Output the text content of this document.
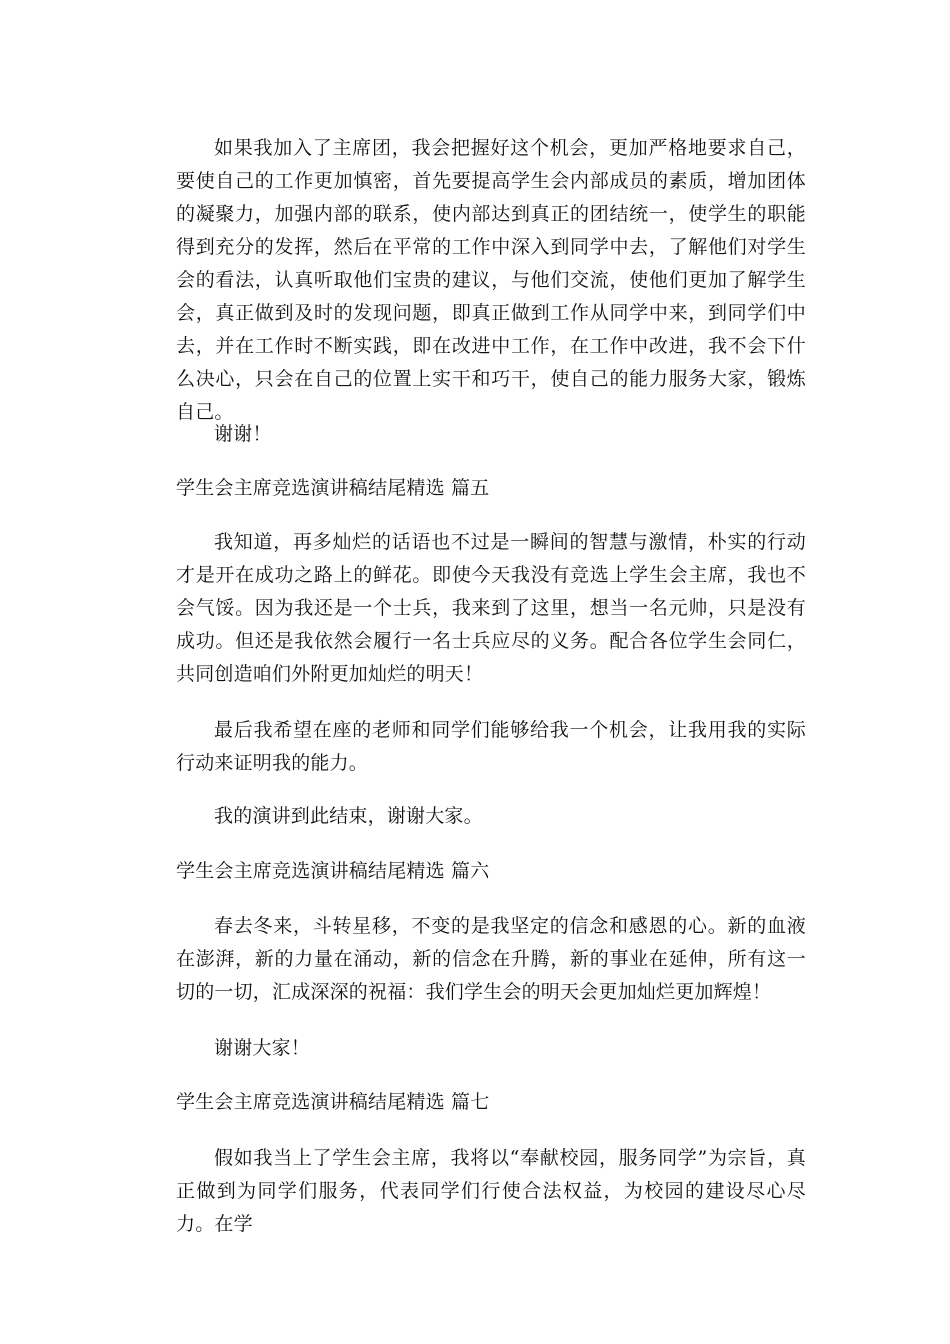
如果我加入了主席团，我会把握好这个机会，更加严格地要求自己，要使自己的工作更加慎密，首先要提高学生会内部成员的素质，增加团体的凝聚力，加强内部的联系，使内部达到真正的团结统一，使学生的职能得到充分的发挥，然后在平常的工作中深入到同学中去，了解他们对学生会的看法，认真听取他们宝贵的建议，与他们交流，使他们更加了解学生会，真正做到及时的发现问题，即真正做到工作从同学中来，到同学们中去，并在工作时不断实践，即在改进中工作，在工作中改进，我不会下什么决心，只会在自己的位置上实干和巧干，使自己的能力服务大家，锻炼自己。

谢谢！

学生会主席竞选演讲稿结尾精选 篇五

我知道，再多灿烂的话语也不过是一瞬间的智慧与激情，朴实的行动才是开在成功之路上的鲜花。即使今天我没有竞选上学生会主席，我也不会气馁。因为我还是一个士兵，我来到了这里，想当一名元帅，只是没有成功。但还是我依然会履行一名士兵应尽的义务。配合各位学生会同仁，共同创造咱们外附更加灿烂的明天！

最后我希望在座的老师和同学们能够给我一个机会，让我用我的实际行动来证明我的能力。

我的演讲到此结束，谢谢大家。

学生会主席竞选演讲稿结尾精选 篇六

春去冬来，斗转星移，不变的是我坚定的信念和感恩的心。新的血液在澎湃，新的力量在涌动，新的信念在升腾，新的事业在延伸，所有这一切的一切，汇成深深的祝福：我们学生会的明天会更加灿烂更加辉煌！

谢谢大家！

学生会主席竞选演讲稿结尾精选 篇七

假如我当上了学生会主席，我将以“奉献校园，服务同学”为宗旨，真正做到为同学们服务，代表同学们行使合法权益，为校园的建设尽心尽力。在学
